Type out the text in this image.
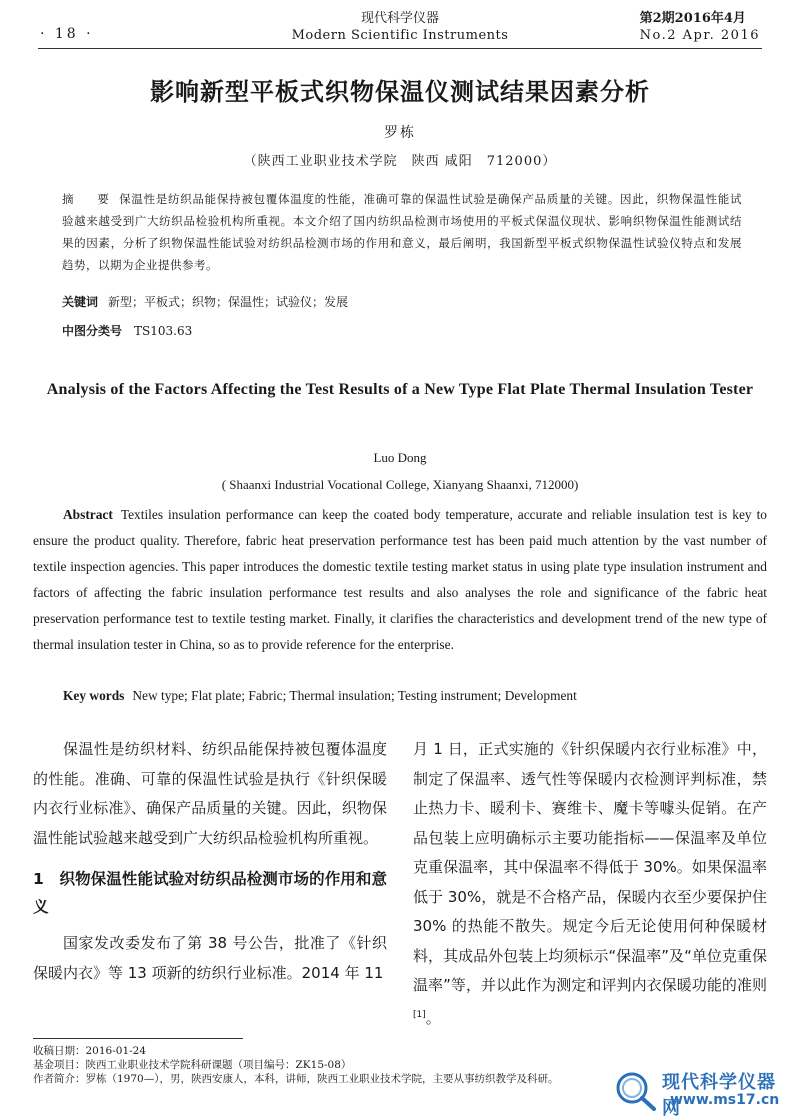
· 18 ·
现代科学仪器
Modern Scientific Instruments
第2期2016年4月
No.2 Apr. 2016
影响新型平板式织物保温仪测试结果因素分析
罗栋
（陕西工业职业技术学院　陕西 咸阳　712000）
摘　要 保温性是纺织品能保持被包覆体温度的性能，准确可靠的保温性试验是确保产品质量的关键。因此，织物保温性能试验越来越受到广大纺织品检验机构所重视。本文介绍了国内纺织品检测市场使用的平板式保温仪现状、影响织物保温性能测试结果的因素，分析了织物保温性能试验对纺织品检测市场的作用和意义，最后阐明，我国新型平板式织物保温性试验仪特点和发展趋势，以期为企业提供参考。
关键词 新型；平板式；织物；保温性；试验仪；发展
中图分类号 TS103.63
Analysis of the Factors Affecting the Test Results of a New Type Flat Plate Thermal Insulation Tester
Luo Dong
( Shaanxi Industrial Vocational College, Xianyang Shaanxi, 712000)
Abstract Textiles insulation performance can keep the coated body temperature, accurate and reliable insulation test is key to ensure the product quality. Therefore, fabric heat preservation performance test has been paid much attention by the vast number of textile inspection agencies. This paper introduces the domestic textile testing market status in using plate type insulation instrument and factors of affecting the fabric insulation performance test results and also analyses the role and significance of the fabric heat preservation performance test to textile testing market. Finally, it clarifies the characteristics and development trend of the new type of thermal insulation tester in China, so as to provide reference for the enterprise.
Key words New type; Flat plate; Fabric; Thermal insulation; Testing instrument; Development

保温性是纺织材料、纺织品能保持被包覆体温度的性能。准确、可靠的保温性试验是执行《针织保暖内衣行业标准》、确保产品质量的关键。因此，织物保温性能试验越来越受到广大纺织品检验机构所重视。

1　织物保温性能试验对纺织品检测市场的作用和意义

国家发改委发布了第 38 号公告，批准了《针织保暖内衣》等 13 项新的纺织行业标准。2014 年 11

月 1 日，正式实施的《针织保暖内衣行业标准》中，制定了保温率、透气性等保暖内衣检测评判标准，禁止热力卡、暖利卡、赛维卡、魔卡等噱头促销。在产品包装上应明确标示主要功能指标——保温率及单位克重保温率，其中保温率不得低于 30%。如果保温率低于 30%，就是不合格产品，保暖内衣至少要保护住 30% 的热能不散失。规定今后无论使用何种保暖材料，其成品外包装上均须标示“保温率”及“单位克重保温率”等，并以此作为测定和评判内衣保暖功能的准则[1]。

收稿日期：2016-01-24
基金项目：陕西工业职业技术学院科研课题（项目编号：ZK15-08）
作者简介：罗栋（1970—），男，陕西安康人，本科，讲师，陕西工业职业技术学院，主要从事纺织教学及科研。	现代科学仪器网
www.ms17.cn
